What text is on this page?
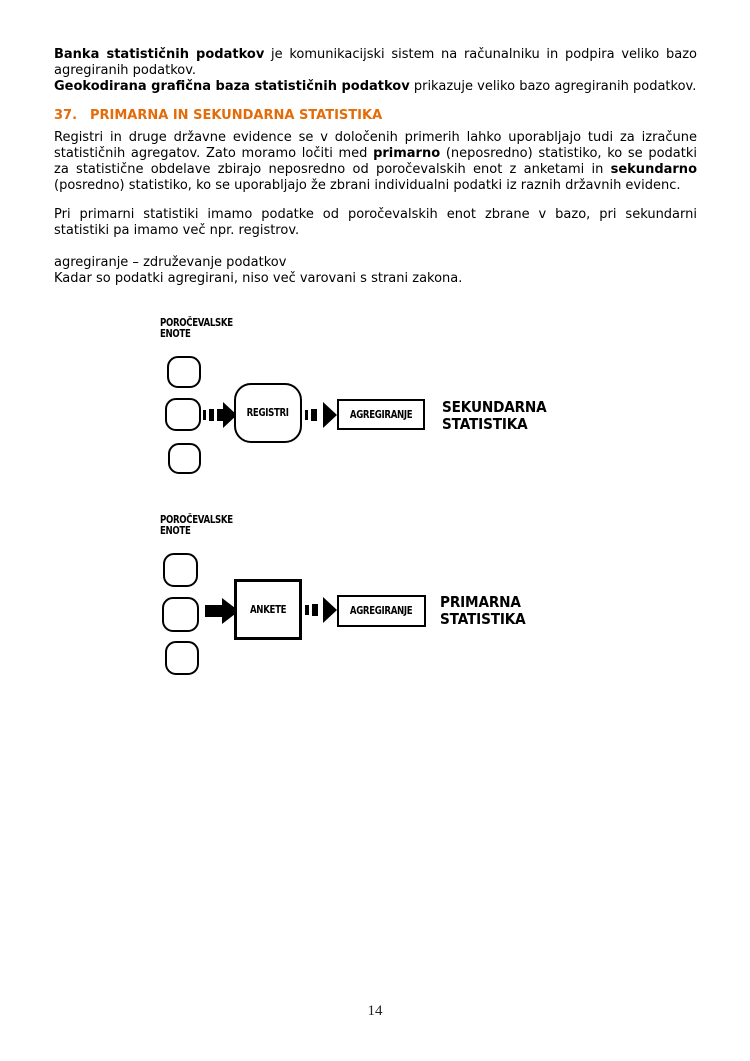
Banka statističnih podatkov je komunikacijski sistem na računalniku in podpira veliko bazo agregiranih podatkov.

Geokodirana grafična baza statističnih podatkov prikazuje veliko bazo agregiranih podatkov.

37. PRIMARNA IN SEKUNDARNA STATISTIKA

Registri in druge državne evidence se v določenih primerih lahko uporabljajo tudi za izračune statističnih agregatov. Zato moramo ločiti med primarno (neposredno) statistiko, ko se podatki za statistične obdelave zbirajo neposredno od poročevalskih enot z anketami in sekundarno (posredno) statistiko, ko se uporabljajo že zbrani individualni podatki iz raznih državnih evidenc.

Pri primarni statistiki imamo podatke od poročevalskih enot zbrane v bazo, pri sekundarni statistiki pa imamo več npr. registrov.

agregiranje – združevanje podatkov

Kadar so podatki agregirani, niso več varovani s strani zakona.

POROČEVALSKE
ENOTE
REGISTRI	AGREGIRANJE SEKUNDARNA
STATISTIKA
POROČEVALSKE
ENOTE
ANKETE	AGREGIRANJE PRIMARNA
STATISTIKA
14
